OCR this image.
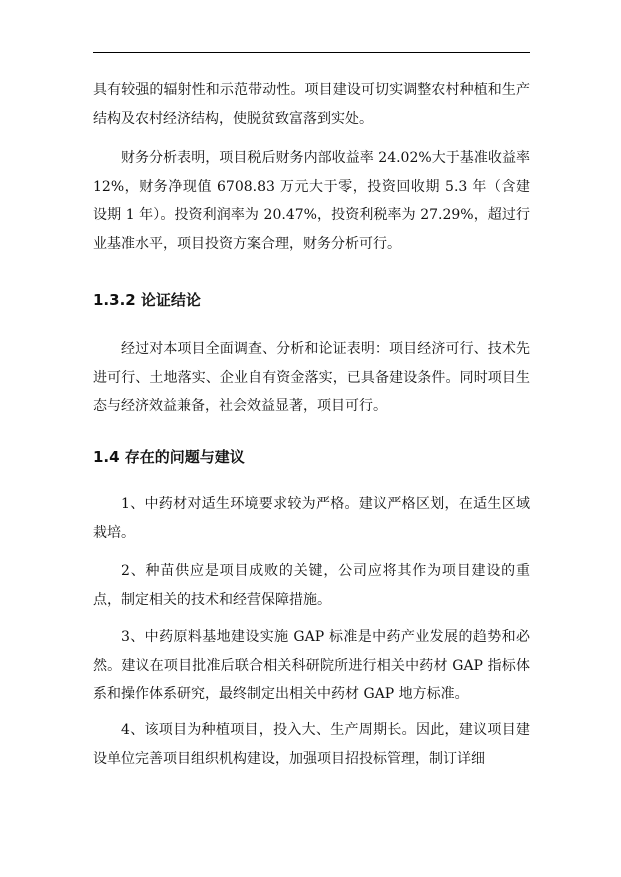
具有较强的辐射性和示范带动性。项目建设可切实调整农村种植和生产结构及农村经济结构，使脱贫致富落到实处。

财务分析表明，项目税后财务内部收益率 24.02%大于基准收益率 12%，财务净现值 6708.83 万元大于零，投资回收期 5.3 年（含建设期 1 年）。投资利润率为 20.47%，投资利税率为 27.29%，超过行业基准水平，项目投资方案合理，财务分析可行。

1.3.2 论证结论

经过对本项目全面调查、分析和论证表明：项目经济可行、技术先进可行、土地落实、企业自有资金落实，已具备建设条件。同时项目生态与经济效益兼备，社会效益显著，项目可行。

1.4 存在的问题与建议

1、中药材对适生环境要求较为严格。建议严格区划，在适生区域栽培。

2、种苗供应是项目成败的关键，公司应将其作为项目建设的重点，制定相关的技术和经营保障措施。

3、中药原料基地建设实施 GAP 标准是中药产业发展的趋势和必然。建议在项目批准后联合相关科研院所进行相关中药材 GAP 指标体系和操作体系研究，最终制定出相关中药材 GAP 地方标准。

4、该项目为种植项目，投入大、生产周期长。因此，建议项目建设单位完善项目组织机构建设，加强项目招投标管理，制订详细
